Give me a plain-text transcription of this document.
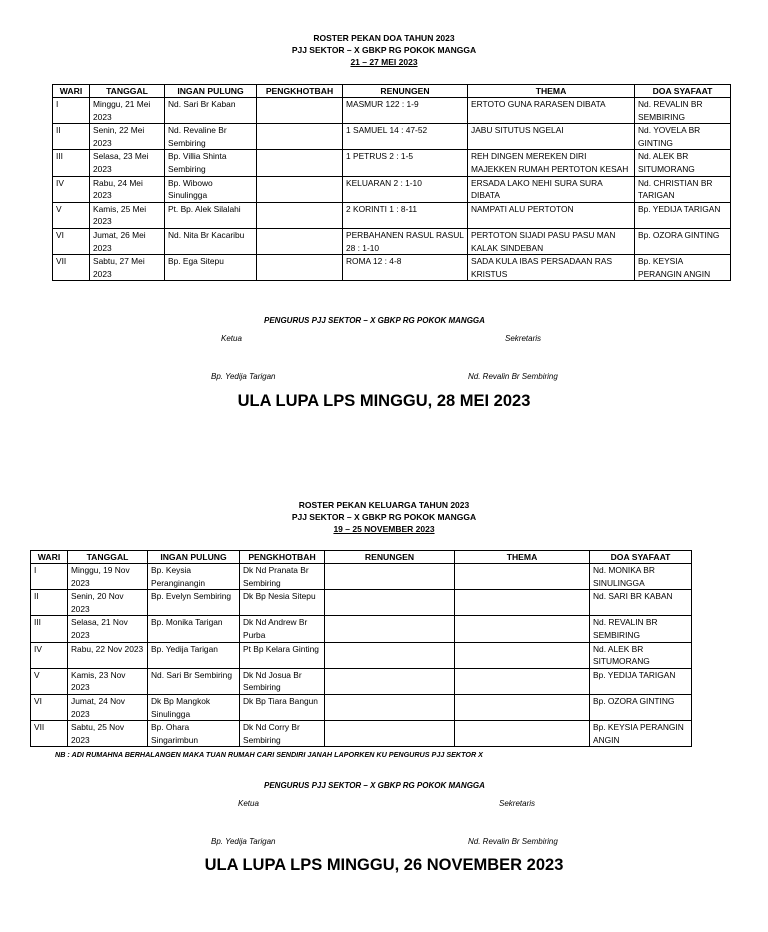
ROSTER PEKAN DOA TAHUN 2023
PJJ SEKTOR – X GBKP RG POKOK MANGGA
21 – 27 MEI 2023
WARI	TANGGAL	INGAN PULUNG	PENGKHOTBAH	RENUNGEN	THEMA	DOA SYAFAAT
I	Minggu, 21 Mei 2023	Nd. Sari Br Kaban		MASMUR 122 : 1-9	ERTOTO GUNA RARASEN DIBATA	Nd. REVALIN BR SEMBIRING
II	Senin, 22 Mei 2023	Nd. Revaline Br Sembiring		1 SAMUEL 14 : 47-52	JABU SITUTUS NGELAI	Nd. YOVELA BR GINTING
III	Selasa, 23 Mei 2023	Bp. Villia Shinta Sembiring		1 PETRUS 2 : 1-5	REH DINGEN MEREKEN DIRI MAJEKKEN RUMAH PERTOTON KESAH	Nd. ALEK BR SITUMORANG
IV	Rabu, 24 Mei 2023	Bp. Wibowo Sinulingga		KELUARAN 2 : 1-10	ERSADA LAKO NEHI SURA SURA DIBATA	Nd. CHRISTIAN BR TARIGAN
V	Kamis, 25 Mei 2023	Pt. Bp. Alek Silalahi		2 KORINTI 1 : 8-11	NAMPATI ALU PERTOTON	Bp. YEDIJA TARIGAN
VI	Jumat, 26 Mei 2023	Nd. Nita Br Kacaribu		PERBAHANEN RASUL RASUL 28 : 1-10	PERTOTON SIJADI PASU PASU MAN KALAK SINDEBAN	Bp. OZORA GINTING
VII	Sabtu, 27 Mei 2023	Bp. Ega Sitepu		ROMA 12 : 4-8	SADA KULA IBAS PERSADAAN RAS KRISTUS	Bp. KEYSIA PERANGIN ANGIN
PENGURUS PJJ SEKTOR – X GBKP RG POKOK MANGGA
Ketua	Sekretaris
Bp. Yedija Tarigan	Nd. Revalin Br Sembiring
ULA LUPA LPS MINGGU, 28 MEI 2023
ROSTER PEKAN KELUARGA TAHUN 2023
PJJ SEKTOR – X GBKP RG POKOK MANGGA
19 – 25 NOVEMBER 2023
WARI	TANGGAL	INGAN PULUNG	PENGKHOTBAH	RENUNGEN	THEMA	DOA SYAFAAT
I	Minggu, 19 Nov 2023	Bp. Keysia Peranginangin	Dk Nd Pranata Br Sembiring			Nd. MONIKA BR SINULINGGA
II	Senin, 20 Nov 2023	Bp. Evelyn Sembiring	Dk Bp Nesia Sitepu			Nd. SARI BR KABAN
III	Selasa, 21 Nov 2023	Bp. Monika Tarigan	Dk Nd Andrew Br Purba			Nd. REVALIN BR SEMBIRING
IV	Rabu, 22 Nov 2023	Bp. Yedija Tarigan	Pt Bp Kelara Ginting			Nd. ALEK BR SITUMORANG
V	Kamis, 23 Nov 2023	Nd. Sari Br Sembiring	Dk Nd Josua Br Sembiring			Bp. YEDIJA TARIGAN
VI	Jumat, 24 Nov 2023	Dk Bp Mangkok Sinulingga	Dk Bp Tiara Bangun			Bp. OZORA GINTING
VII	Sabtu, 25 Nov 2023	Bp. Ohara Singarimbun	Dk Nd Corry Br Sembiring			Bp. KEYSIA PERANGIN ANGIN
NB : ADI RUMAHNA BERHALANGEN MAKA TUAN RUMAH CARI SENDIRI JANAH LAPORKEN KU PENGURUS PJJ SEKTOR X
PENGURUS PJJ SEKTOR – X GBKP RG POKOK MANGGA
Ketua	Sekretaris
Bp. Yedija Tarigan	Nd. Revalin Br Sembiring
ULA LUPA LPS MINGGU, 26 NOVEMBER 2023
